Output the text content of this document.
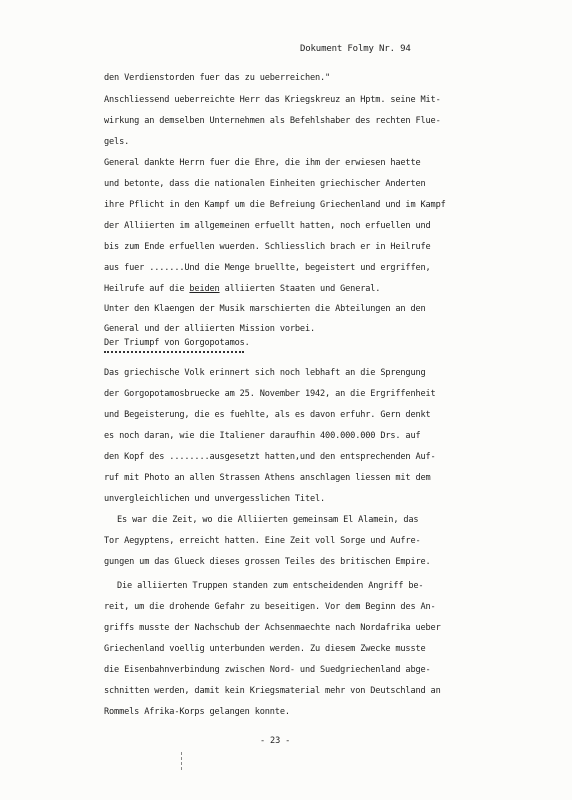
Dokument Folmy Nr. 94
den Verdienstorden fuer das zu ueberreichen."
Anschliessend ueberreichte Herr das Kriegskreuz an Hptm. seine Mit-
wirkung an demselben Unternehmen als Befehlshaber des rechten Flue-
gels.
General dankte Herrn fuer die Ehre, die ihm der erwiesen haette
und betonte, dass die nationalen Einheiten griechischer Anderten
ihre Pflicht in den Kampf um die Befreiung Griechenland und im Kampf
der Alliierten im allgemeinen erfuellt hatten, noch erfuellen und
bis zum Ende erfuellen wuerden. Schliesslich brach er in Heilrufe
aus fuer .......Und die Menge bruellte, begeistert und ergriffen,
Heilrufe auf die beiden alliierten Staaten und General.
Unter den Klaengen der Musik marschierten die Abteilungen an den
General und der alliierten Mission vorbei.
Der Triumpf von Gorgopotamos.
Das griechische Volk erinnert sich noch lebhaft an die Sprengung
der Gorgopotamosbruecke am 25. November 1942, an die Ergriffenheit
und Begeisterung, die es fuehlte, als es davon erfuhr. Gern denkt
es noch daran, wie die Italiener daraufhin 400.000.000 Drs. auf
den Kopf des ........ausgesetzt hatten,und den entsprechenden Auf-
ruf mit Photo an allen Strassen Athens anschlagen liessen mit dem
unvergleichlichen und unvergesslichen Titel.
Es war die Zeit, wo die Alliierten gemeinsam El Alamein, das
Tor Aegyptens, erreicht hatten. Eine Zeit voll Sorge und Aufre-
gungen um das Glueck dieses grossen Teiles des britischen Empire.
Die alliierten Truppen standen zum entscheidenden Angriff be-
reit, um die drohende Gefahr zu beseitigen. Vor dem Beginn des An-
griffs musste der Nachschub der Achsenmaechte nach Nordafrika ueber
Griechenland voellig unterbunden werden. Zu diesem Zwecke musste
die Eisenbahnverbindung zwischen Nord- und Suedgriechenland abge-
schnitten werden, damit kein Kriegsmaterial mehr von Deutschland an
Rommels Afrika-Korps gelangen konnte.
- 23 -
